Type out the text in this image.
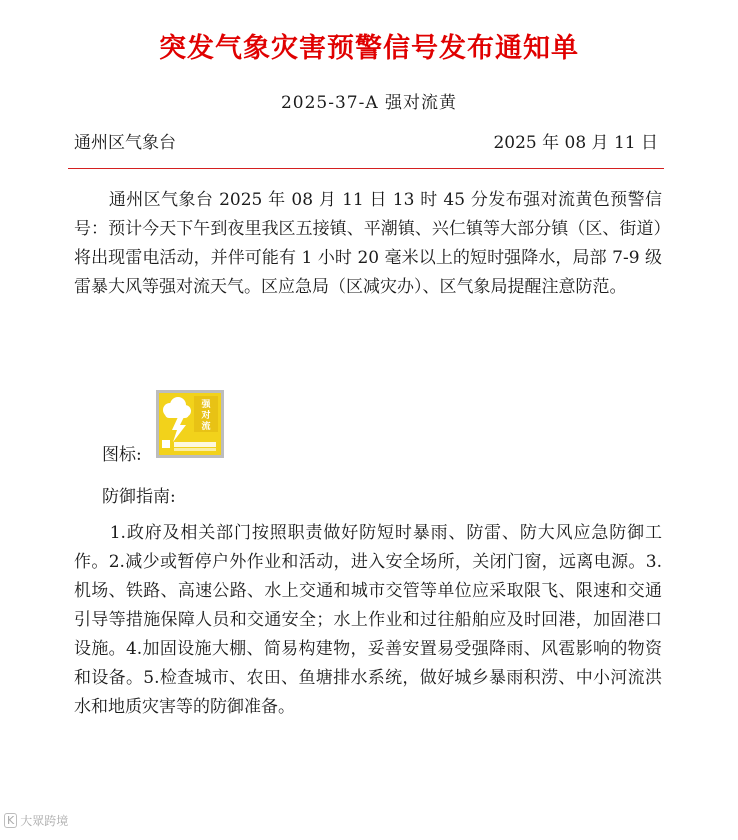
突发气象灾害预警信号发布通知单
2025-37-A 强对流黄
通州区气象台	2025 年 08 月 11 日
　　通州区气象台 2025 年 08 月 11 日 13 时 45 分发布强对流黄色预警信号：预计今天下午到夜里我区五接镇、平潮镇、兴仁镇等大部分镇（区、街道）将出现雷电活动，并伴可能有 1 小时 20 毫米以上的短时强降水，局部 7-9 级雷暴大风等强对流天气。区应急局（区减灾办）、区气象局提醒注意防范。
图标:
强
对
流
防御指南:
　　1.政府及相关部门按照职责做好防短时暴雨、防雷、防大风应急防御工作。2.减少或暂停户外作业和活动，进入安全场所，关闭门窗，远离电源。3.机场、铁路、高速公路、水上交通和城市交管等单位应采取限飞、限速和交通引导等措施保障人员和交通安全；水上作业和过往船舶应及时回港，加固港口设施。4.加固设施大棚、简易构建物，妥善安置易受强降雨、风雹影响的物资和设备。5.检查城市、农田、鱼塘排水系统，做好城乡暴雨积涝、中小河流洪水和地质灾害等的防御准备。
K 大眾跨境
